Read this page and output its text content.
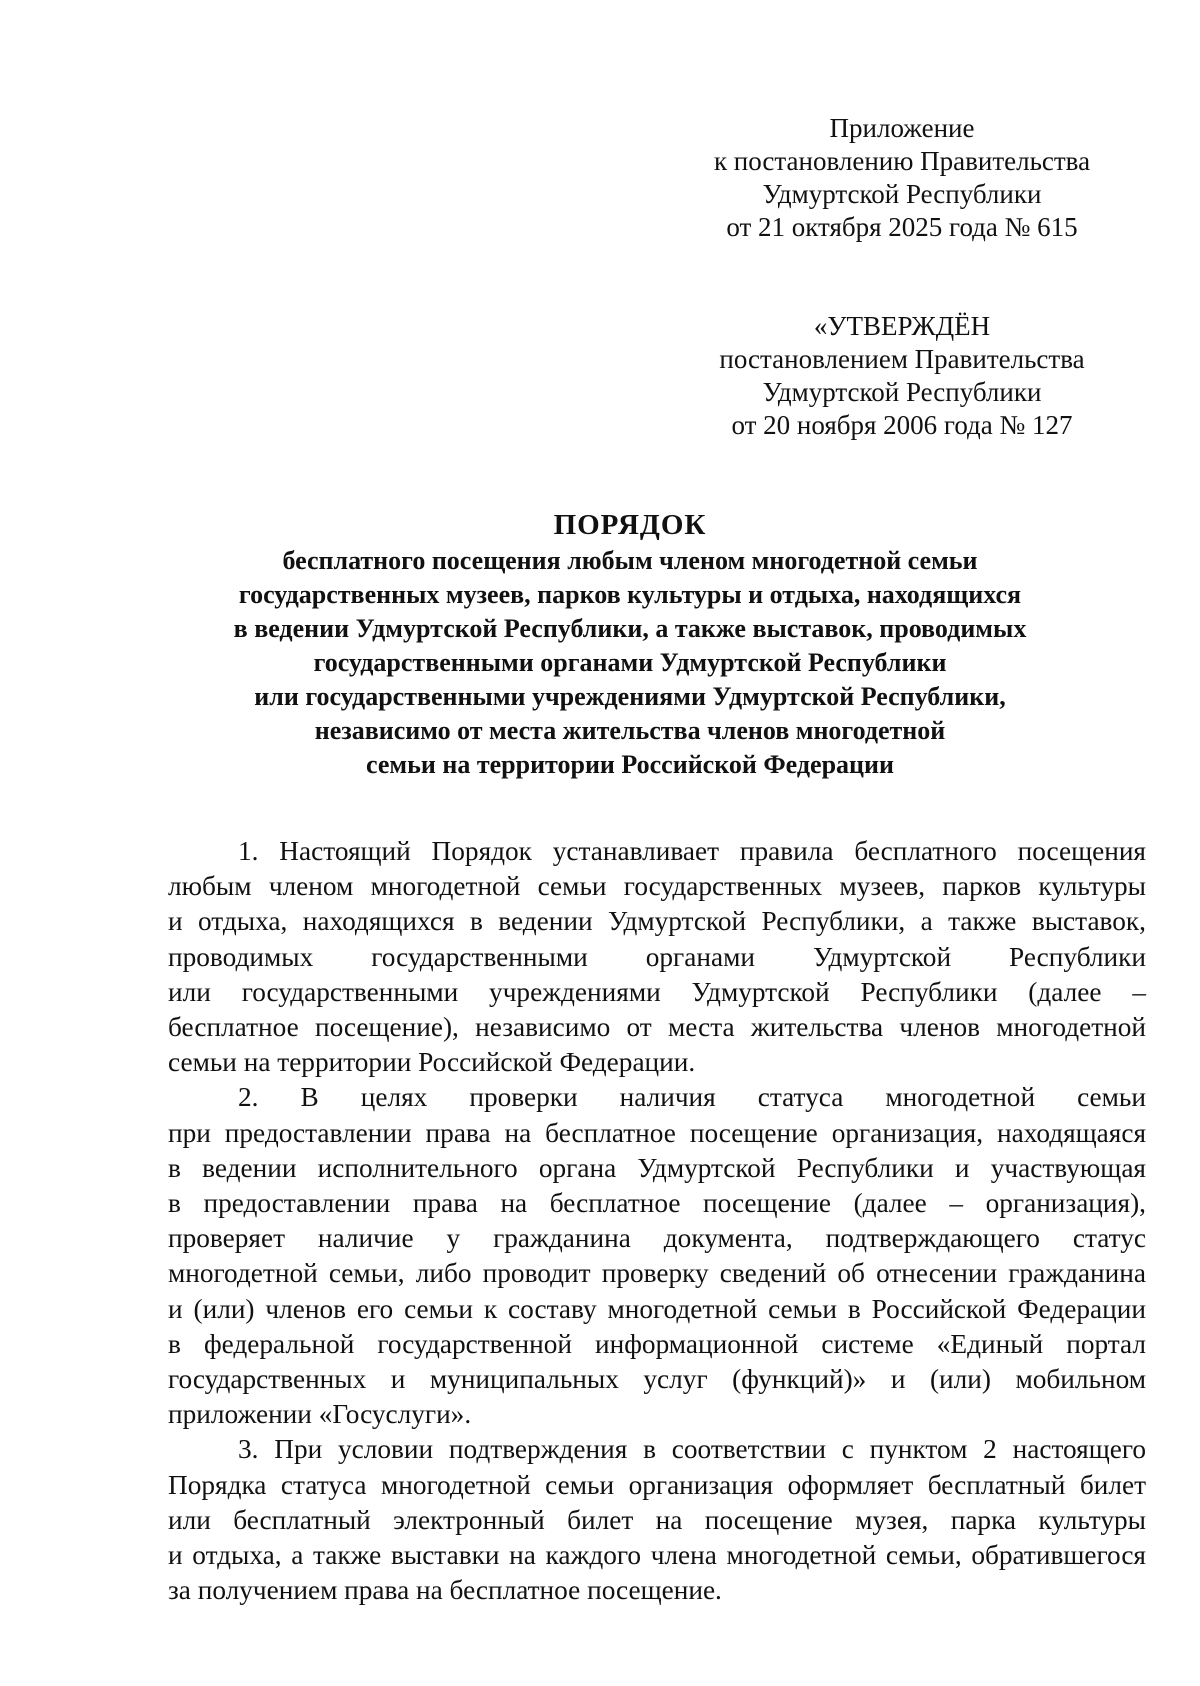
Приложение
к постановлению Правительства
Удмуртской Республики
от 21 октября 2025 года № 615
«УТВЕРЖДЁН
постановлением Правительства
Удмуртской Республики
от 20 ноября 2006 года № 127
ПОРЯДОК
бесплатного посещения любым членом многодетной семьи
государственных музеев, парков культуры и отдыха, находящихся
в ведении Удмуртской Республики, а также выставок, проводимых
государственными органами Удмуртской Республики
или государственными учреждениями Удмуртской Республики,
независимо от места жительства членов многодетной
семьи на территории Российской Федерации
1. Настоящий Порядок устанавливает правила бесплатного посещения
любым членом многодетной семьи государственных музеев, парков культуры
и отдыха, находящихся в ведении Удмуртской Республики, а также выставок,
проводимых государственными органами Удмуртской Республики
или государственными учреждениями Удмуртской Республики (далее –
бесплатное посещение), независимо от места жительства членов многодетной
семьи на территории Российской Федерации.
2. В целях проверки наличия статуса многодетной семьи
при предоставлении права на бесплатное посещение организация, находящаяся
в ведении исполнительного органа Удмуртской Республики и участвующая
в предоставлении права на бесплатное посещение (далее – организация),
проверяет наличие у гражданина документа, подтверждающего статус
многодетной семьи, либо проводит проверку сведений об отнесении гражданина
и (или) членов его семьи к составу многодетной семьи в Российской Федерации
в федеральной государственной информационной системе «Единый портал
государственных и муниципальных услуг (функций)» и (или) мобильном
приложении «Госуслуги».
3. При условии подтверждения в соответствии с пунктом 2 настоящего
Порядка статуса многодетной семьи организация оформляет бесплатный билет
или бесплатный электронный билет на посещение музея, парка культуры
и отдыха, а также выставки на каждого члена многодетной семьи, обратившегося
за получением права на бесплатное посещение.
